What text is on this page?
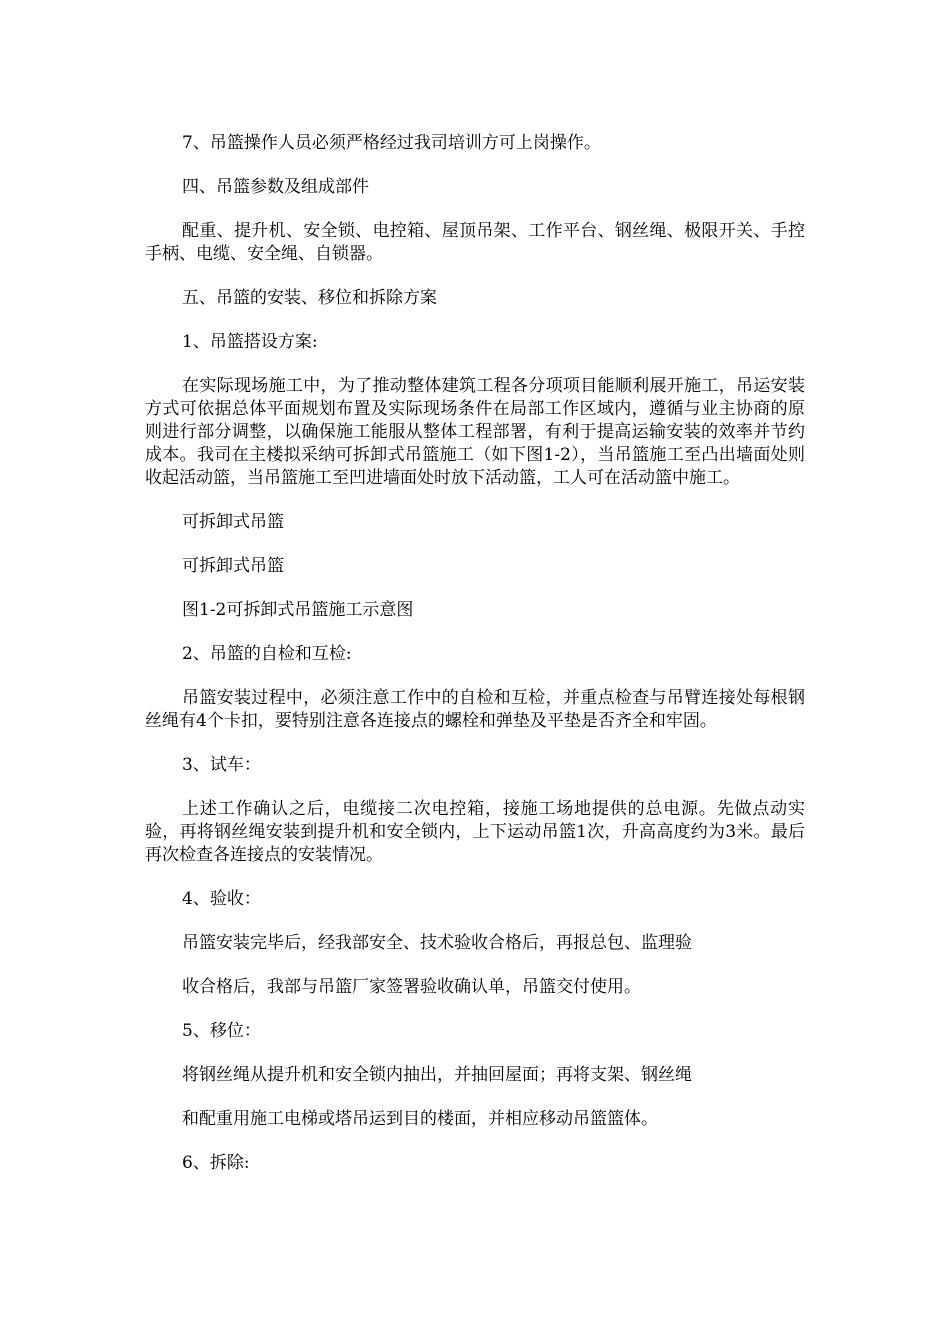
7、吊篮操作人员必须严格经过我司培训方可上岗操作。

四、吊篮参数及组成部件

配重、提升机、安全锁、电控箱、屋顶吊架、工作平台、钢丝绳、极限开关、手控手柄、电缆、安全绳、自锁器。

五、吊篮的安装、移位和拆除方案

1、吊篮搭设方案:

在实际现场施工中，为了推动整体建筑工程各分项项目能顺利展开施工，吊运安装方式可依据总体平面规划布置及实际现场条件在局部工作区域内，遵循与业主协商的原则进行部分调整，以确保施工能服从整体工程部署，有利于提高运输安装的效率并节约成本。我司在主楼拟采纳可拆卸式吊篮施工（如下图1-2），当吊篮施工至凸出墙面处则收起活动篮，当吊篮施工至凹进墙面处时放下活动篮，工人可在活动篮中施工。

可拆卸式吊篮

可拆卸式吊篮

图1-2可拆卸式吊篮施工示意图

2、吊篮的自检和互检:

吊篮安装过程中，必须注意工作中的自检和互检，并重点检查与吊臂连接处每根钢丝绳有4个卡扣，要特别注意各连接点的螺栓和弹垫及平垫是否齐全和牢固。

3、试车：

上述工作确认之后，电缆接二次电控箱，接施工场地提供的总电源。先做点动实验，再将钢丝绳安装到提升机和安全锁内，上下运动吊篮1次，升高高度约为3米。最后再次检查各连接点的安装情况。

4、验收：

吊篮安装完毕后，经我部安全、技术验收合格后，再报总包、监理验

收合格后，我部与吊篮厂家签署验收确认单，吊篮交付使用。

5、移位：

将钢丝绳从提升机和安全锁内抽出，并抽回屋面；再将支架、钢丝绳

和配重用施工电梯或塔吊运到目的楼面，并相应移动吊篮篮体。

6、拆除:
